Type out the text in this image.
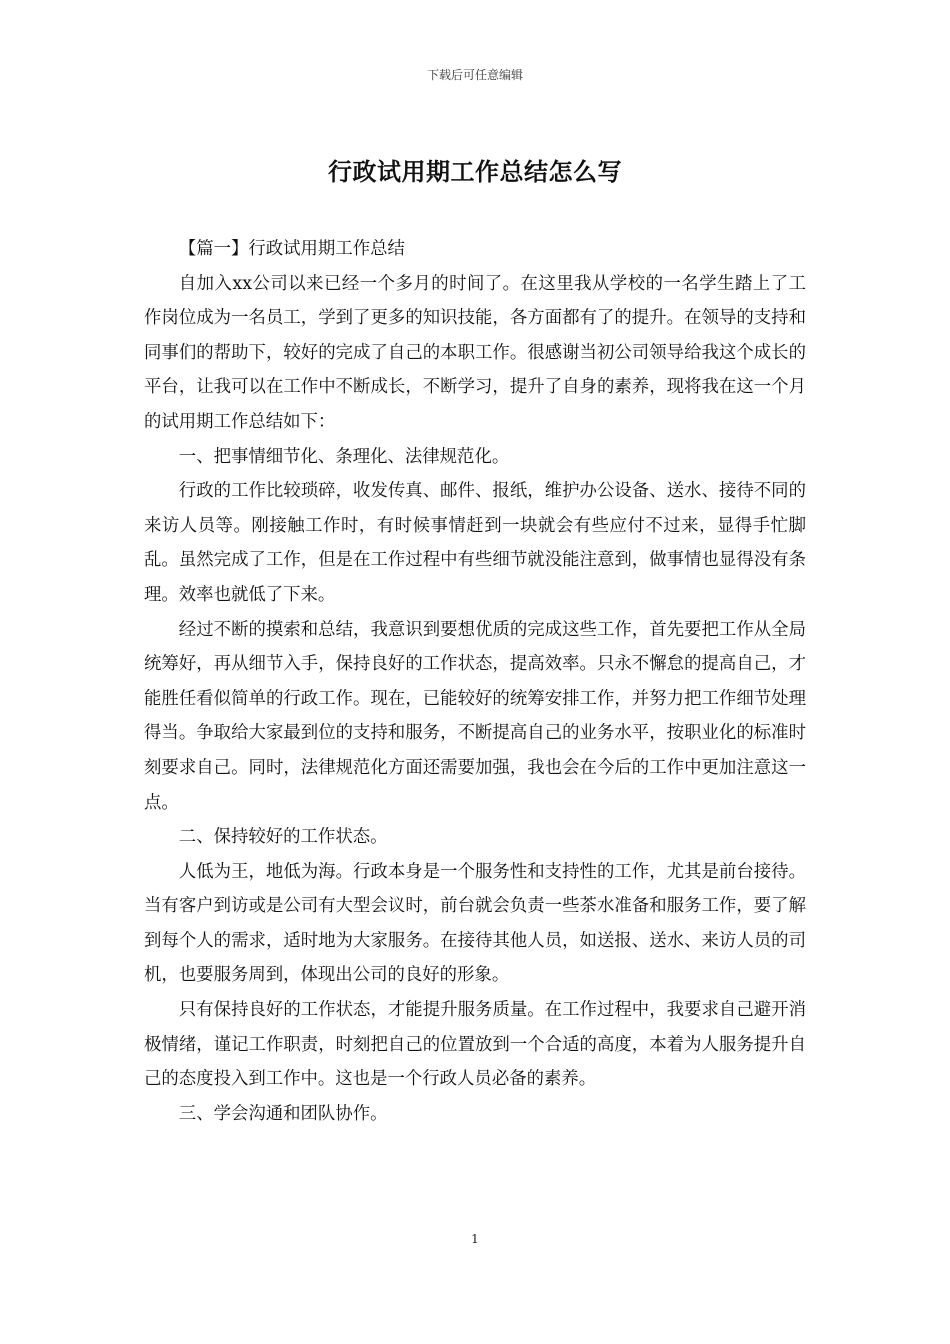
下载后可任意编辑
行政试用期工作总结怎么写

【篇一】行政试用期工作总结

自加入xx公司以来已经一个多月的时间了。在这里我从学校的一名学生踏上了工作岗位成为一名员工，学到了更多的知识技能，各方面都有了的提升。在领导的支持和同事们的帮助下，较好的完成了自己的本职工作。很感谢当初公司领导给我这个成长的平台，让我可以在工作中不断成长，不断学习，提升了自身的素养，现将我在这一个月的试用期工作总结如下：

一、把事情细节化、条理化、法律规范化。

行政的工作比较琐碎，收发传真、邮件、报纸，维护办公设备、送水、接待不同的来访人员等。刚接触工作时，有时候事情赶到一块就会有些应付不过来，显得手忙脚乱。虽然完成了工作，但是在工作过程中有些细节就没能注意到，做事情也显得没有条理。效率也就低了下来。

经过不断的摸索和总结，我意识到要想优质的完成这些工作，首先要把工作从全局统筹好，再从细节入手，保持良好的工作状态，提高效率。只永不懈怠的提高自己，才能胜任看似简单的行政工作。现在，已能较好的统筹安排工作，并努力把工作细节处理得当。争取给大家最到位的支持和服务，不断提高自己的业务水平，按职业化的标准时刻要求自己。同时，法律规范化方面还需要加强，我也会在今后的工作中更加注意这一点。

二、保持较好的工作状态。

人低为王，地低为海。行政本身是一个服务性和支持性的工作，尤其是前台接待。当有客户到访或是公司有大型会议时，前台就会负责一些茶水准备和服务工作，要了解到每个人的需求，适时地为大家服务。在接待其他人员，如送报、送水、来访人员的司机，也要服务周到，体现出公司的良好的形象。

只有保持良好的工作状态，才能提升服务质量。在工作过程中，我要求自己避开消极情绪，谨记工作职责，时刻把自己的位置放到一个合适的高度，本着为人服务提升自己的态度投入到工作中。这也是一个行政人员必备的素养。

三、学会沟通和团队协作。

1
